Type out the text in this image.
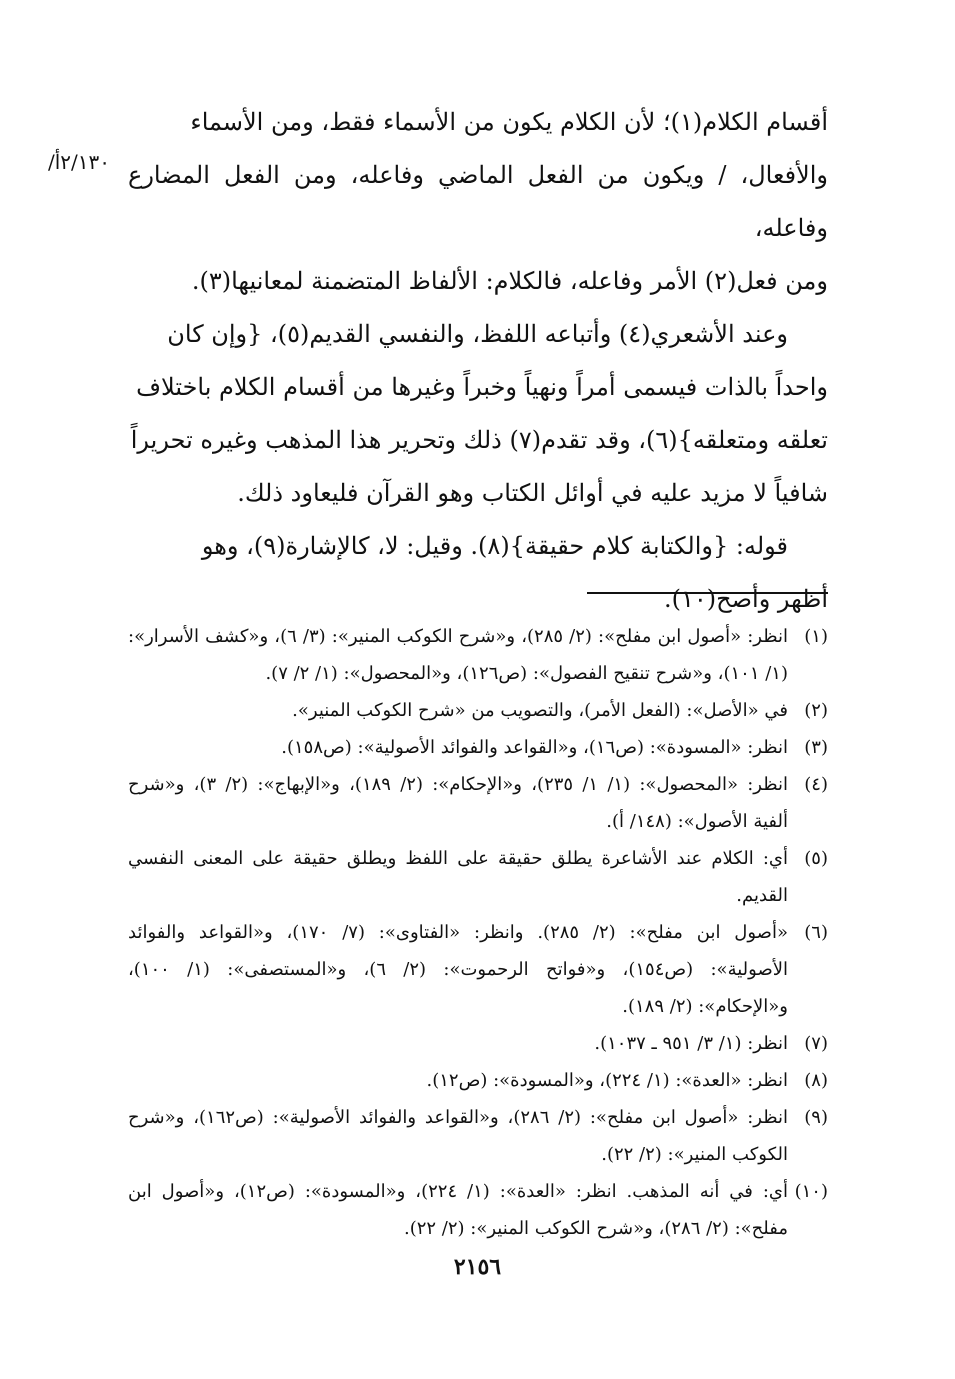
/٢/١٣٠أ

أقسام الكلام(١)؛ لأن الكلام يكون من الأسماء فقط، ومن الأسماء

والأفعال، / ويكون من الفعل الماضي وفاعله، ومن الفعل المضارع وفاعله،

ومن فعل(٢) الأمر وفاعله، فالكلام: الألفاظ المتضمنة لمعانيها(٣).

وعند الأشعري(٤) وأتباعه اللفظ، والنفسي القديم(٥)، {وإن كان

واحداً بالذات فيسمى أمراً ونهياً وخبراً وغيرها من أقسام الكلام باختلاف

تعلقه ومتعلقه}(٦)، وقد تقدم(٧) ذلك وتحرير هذا المذهب وغيره تحريراً

شافياً لا مزيد عليه في أوائل الكتاب وهو القرآن فليعاود ذلك.

قوله: {والكتابة كلام حقيقة}(٨). وقيل: لا، كالإشارة(٩)، وهو

أظهر وأصح(١٠).

(١)
انظر: «أصول ابن مفلح»: (٢/ ٢٨٥)، و«شرح الكوكب المنير»: (٣/ ٦)، و«كشف الأسرار»: (١/ ١٠١)، و«شرح تنقيح الفصول»: (ص١٢٦)، و«المحصول»: (١/ ٢/ ٧).
(٢)
في «الأصل»: (الفعل الأمر)، والتصويب من «شرح الكوكب المنير».
(٣)
انظر: «المسودة»: (ص١٦)، و«القواعد والفوائد الأصولية»: (ص١٥٨).
(٤)
انظر: «المحصول»: (١/ ١/ ٢٣٥)، و«الإحكام»: (٢/ ١٨٩)، و«الإبهاج»: (٢/ ٣)، و«شرح ألفية الأصول»: (١٤٨/ أ).
(٥)
أي: الكلام عند الأشاعرة يطلق حقيقة على اللفظ ويطلق حقيقة على المعنى النفسي القديم.
(٦)
«أصول ابن مفلح»: (٢/ ٢٨٥). وانظر: «الفتاوى»: (٧/ ١٧٠)، و«القواعد والفوائد الأصولية»: (ص١٥٤)، و«فواتح الرحموت»: (٢/ ٦)، و«المستصفى»: (١/ ١٠٠)، و«الإحكام»: (٢/ ١٨٩).
(٧)
انظر: (١/ ٣/ ٩٥١ ـ ١٠٣٧).
(٨)
انظر: «العدة»: (١/ ٢٢٤)، و«المسودة»: (ص١٢).
(٩)
انظر: «أصول ابن مفلح»: (٢/ ٢٨٦)، و«القواعد والفوائد الأصولية»: (ص١٦٢)، و«شرح الكوكب المنير»: (٢/ ٢٢).
(١٠)
أي: في أنه المذهب. انظر: «العدة»: (١/ ٢٢٤)، و«المسودة»: (ص١٢)، و«أصول ابن مفلح»: (٢/ ٢٨٦)، و«شرح الكوكب المنير»: (٢/ ٢٢).
٢١٥٦
